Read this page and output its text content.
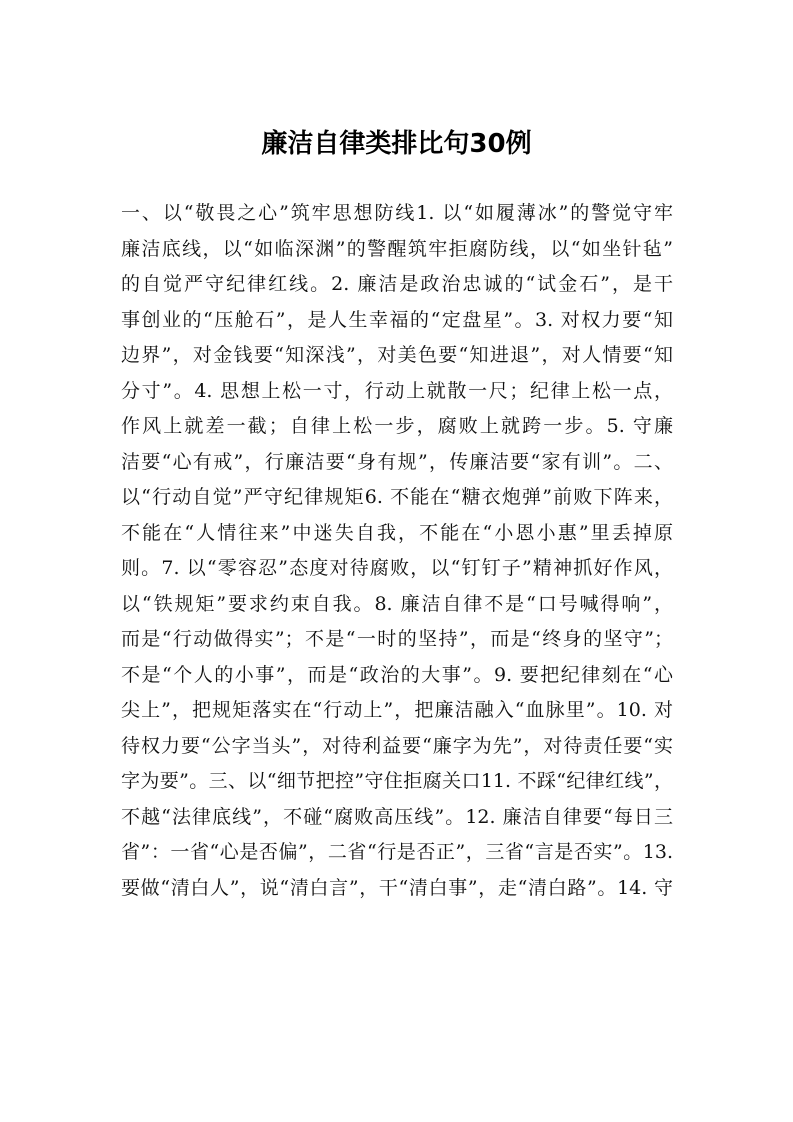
廉洁自律类排比句30例
一、以“敬畏之心”筑牢思想防线1. 以“如履薄冰”的警觉守牢
廉洁底线，以“如临深渊”的警醒筑牢拒腐防线，以“如坐针毡”
的自觉严守纪律红线。2. 廉洁是政治忠诚的“试金石”，是干
事创业的“压舱石”，是人生幸福的“定盘星”。3. 对权力要“知
边界”，对金钱要“知深浅”，对美色要“知进退”，对人情要“知
分寸”。4. 思想上松一寸，行动上就散一尺；纪律上松一点，
作风上就差一截；自律上松一步，腐败上就跨一步。5. 守廉
洁要“心有戒”，行廉洁要“身有规”，传廉洁要“家有训”。二、
以“行动自觉”严守纪律规矩6. 不能在“糖衣炮弹”前败下阵来，
不能在“人情往来”中迷失自我，不能在“小恩小惠”里丢掉原
则。7. 以“零容忍”态度对待腐败，以“钉钉子”精神抓好作风，
以“铁规矩”要求约束自我。8. 廉洁自律不是“口号喊得响”，
而是“行动做得实”；不是“一时的坚持”，而是“终身的坚守”；
不是“个人的小事”，而是“政治的大事”。9. 要把纪律刻在“心
尖上”，把规矩落实在“行动上”，把廉洁融入“血脉里”。10. 对
待权力要“公字当头”，对待利益要“廉字为先”，对待责任要“实
字为要”。三、以“细节把控”守住拒腐关口11. 不踩“纪律红线”，
不越“法律底线”，不碰“腐败高压线”。12. 廉洁自律要“每日三
省”：一省“心是否偏”，二省“行是否正”，三省“言是否实”。13.
要做“清白人”，说“清白言”，干“清白事”，走“清白路”。14. 守
